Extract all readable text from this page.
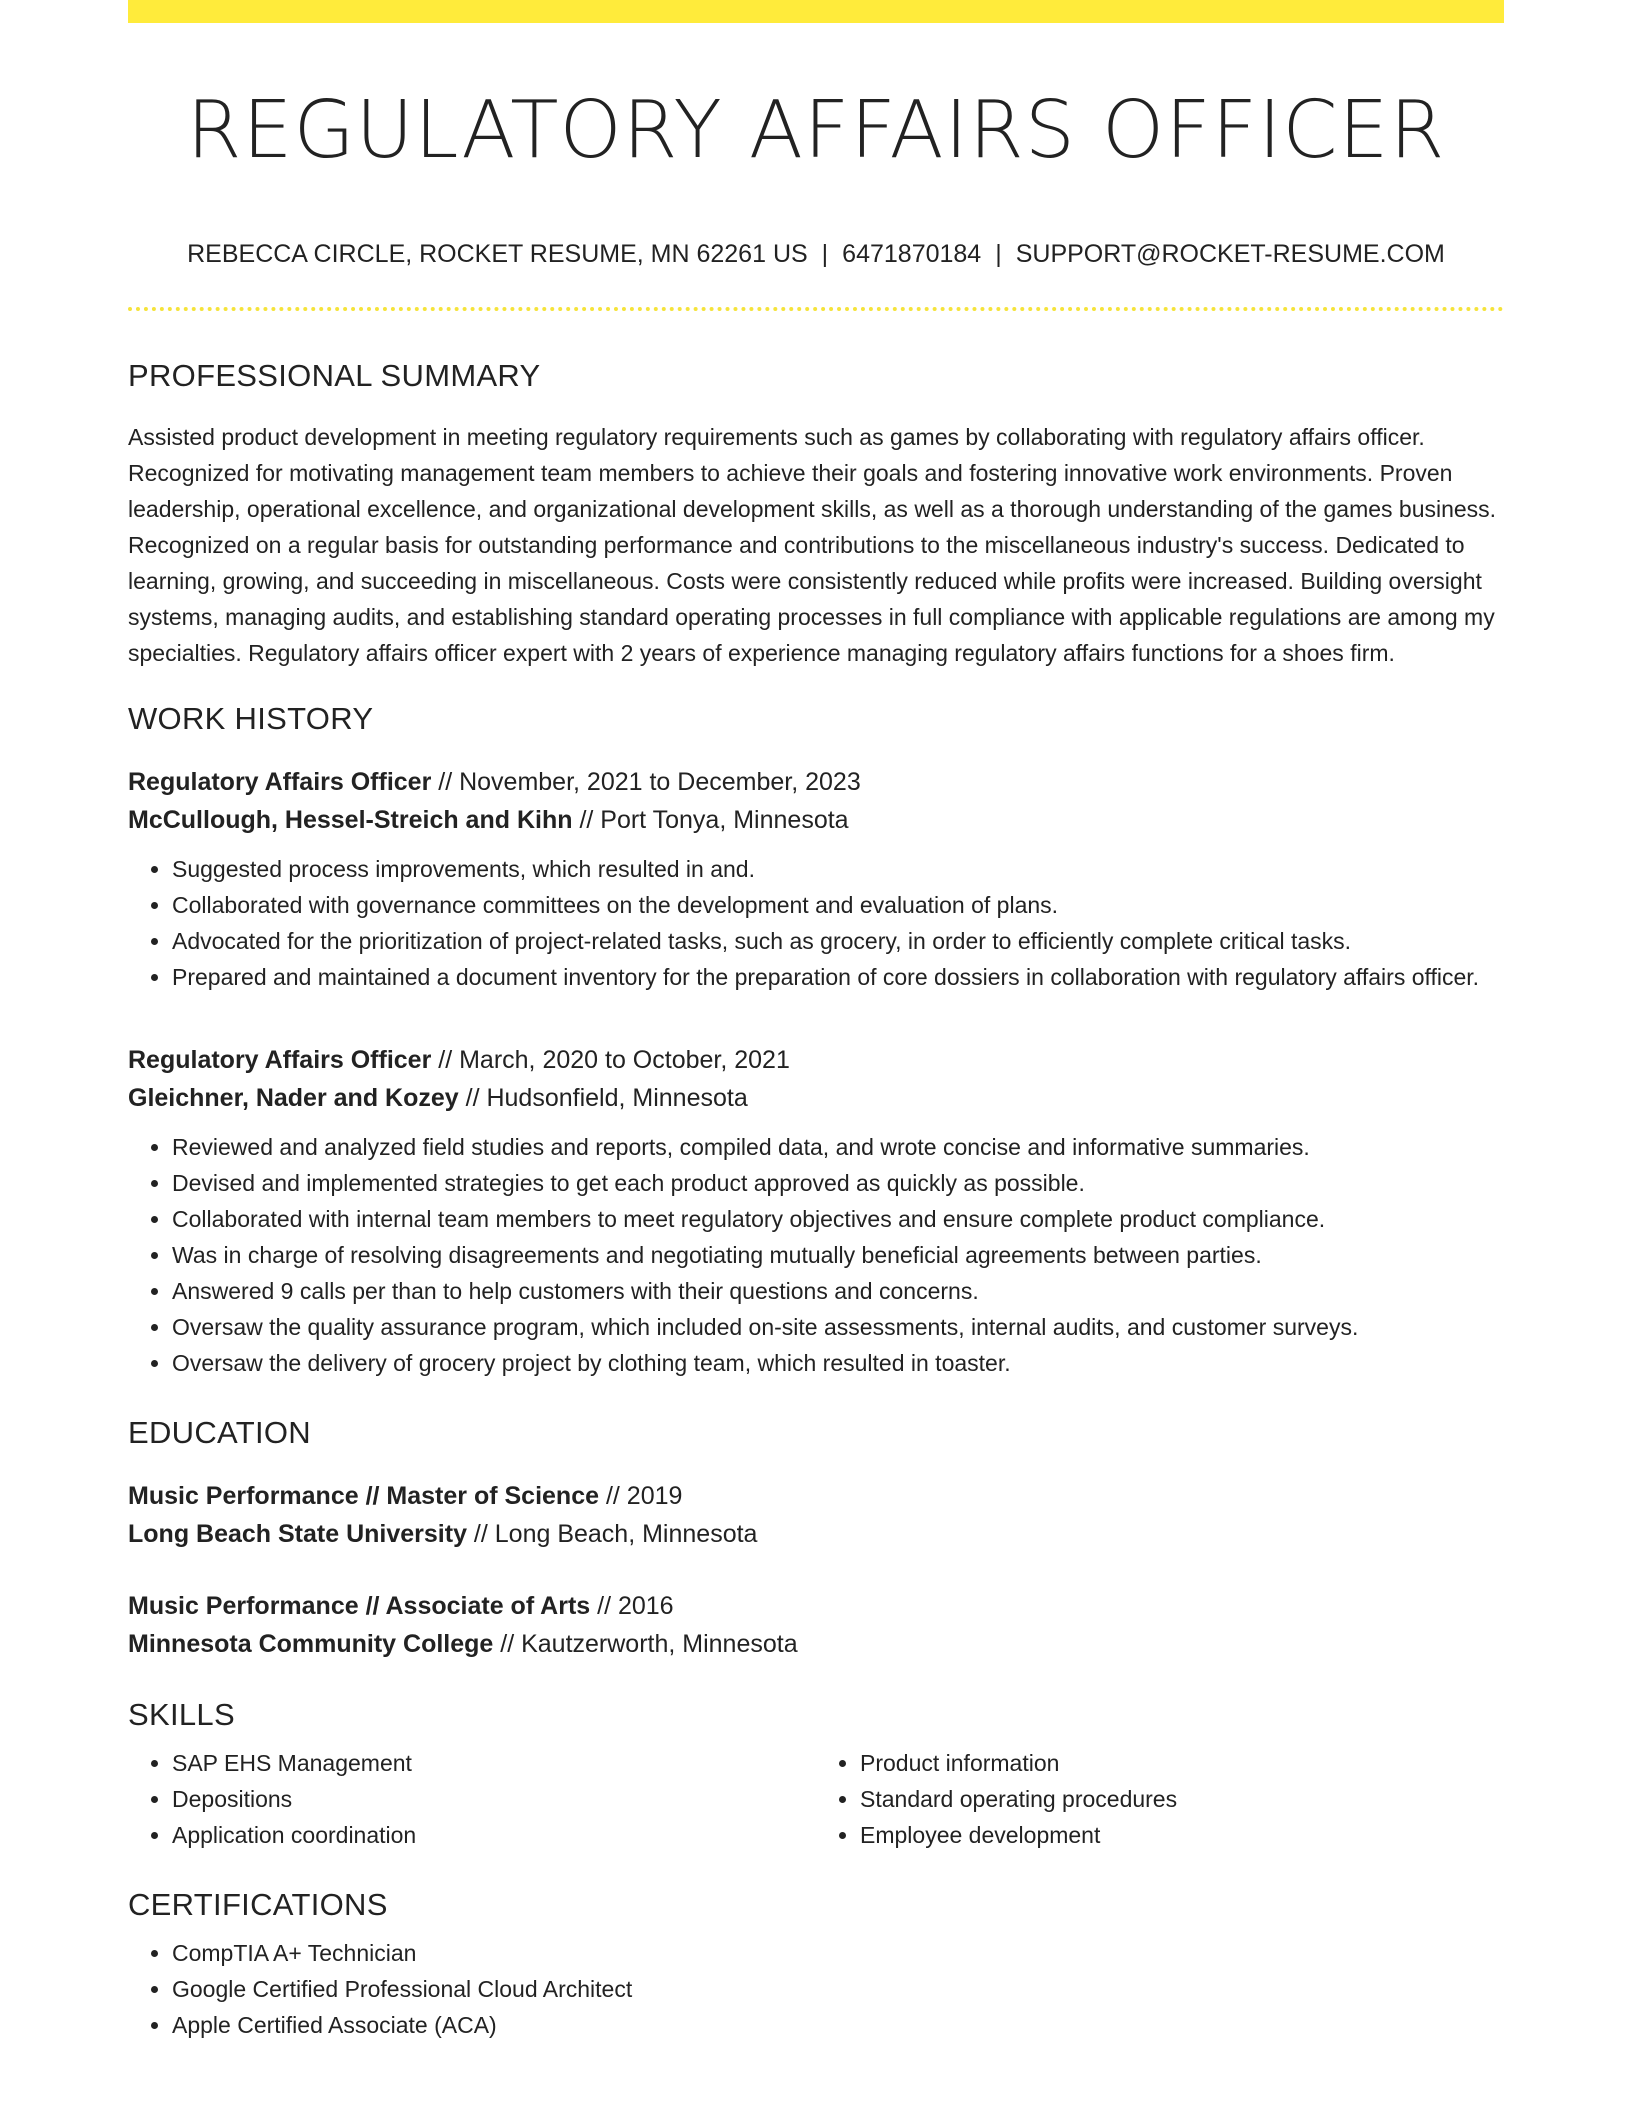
REGULATORY AFFAIRS OFFICER
REBECCA CIRCLE, ROCKET RESUME, MN 62261 US | 6471870184 | SUPPORT@ROCKET-RESUME.COM
PROFESSIONAL SUMMARY

Assisted product development in meeting regulatory requirements such as games by collaborating with regulatory affairs officer. Recognized for motivating management team members to achieve their goals and fostering innovative work environments. Proven leadership, operational excellence, and organizational development skills, as well as a thorough understanding of the games business. Recognized on a regular basis for outstanding performance and contributions to the miscellaneous industry's success. Dedicated to learning, growing, and succeeding in miscellaneous. Costs were consistently reduced while profits were increased. Building oversight systems, managing audits, and establishing standard operating processes in full compliance with applicable regulations are among my specialties. Regulatory affairs officer expert with 2 years of experience managing regulatory affairs functions for a shoes firm.

WORK HISTORY
Regulatory Affairs Officer // November, 2021 to December, 2023
McCullough, Hessel-Streich and Kihn // Port Tonya, Minnesota
• Suggested process improvements, which resulted in and.
• Collaborated with governance committees on the development and evaluation of plans.
• Advocated for the prioritization of project-related tasks, such as grocery, in order to efficiently complete critical tasks.
• Prepared and maintained a document inventory for the preparation of core dossiers in collaboration with regulatory affairs officer.
Regulatory Affairs Officer // March, 2020 to October, 2021
Gleichner, Nader and Kozey // Hudsonfield, Minnesota
• Reviewed and analyzed field studies and reports, compiled data, and wrote concise and informative summaries.
• Devised and implemented strategies to get each product approved as quickly as possible.
• Collaborated with internal team members to meet regulatory objectives and ensure complete product compliance.
• Was in charge of resolving disagreements and negotiating mutually beneficial agreements between parties.
• Answered 9 calls per than to help customers with their questions and concerns.
• Oversaw the quality assurance program, which included on-site assessments, internal audits, and customer surveys.
• Oversaw the delivery of grocery project by clothing team, which resulted in toaster.
EDUCATION
Music Performance // Master of Science // 2019
Long Beach State University // Long Beach, Minnesota
Music Performance // Associate of Arts // 2016
Minnesota Community College // Kautzerworth, Minnesota
SKILLS
• SAP EHS Management
• Depositions
• Application coordination
• Product information
• Standard operating procedures
• Employee development
CERTIFICATIONS
• CompTIA A+ Technician
• Google Certified Professional Cloud Architect
• Apple Certified Associate (ACA)
